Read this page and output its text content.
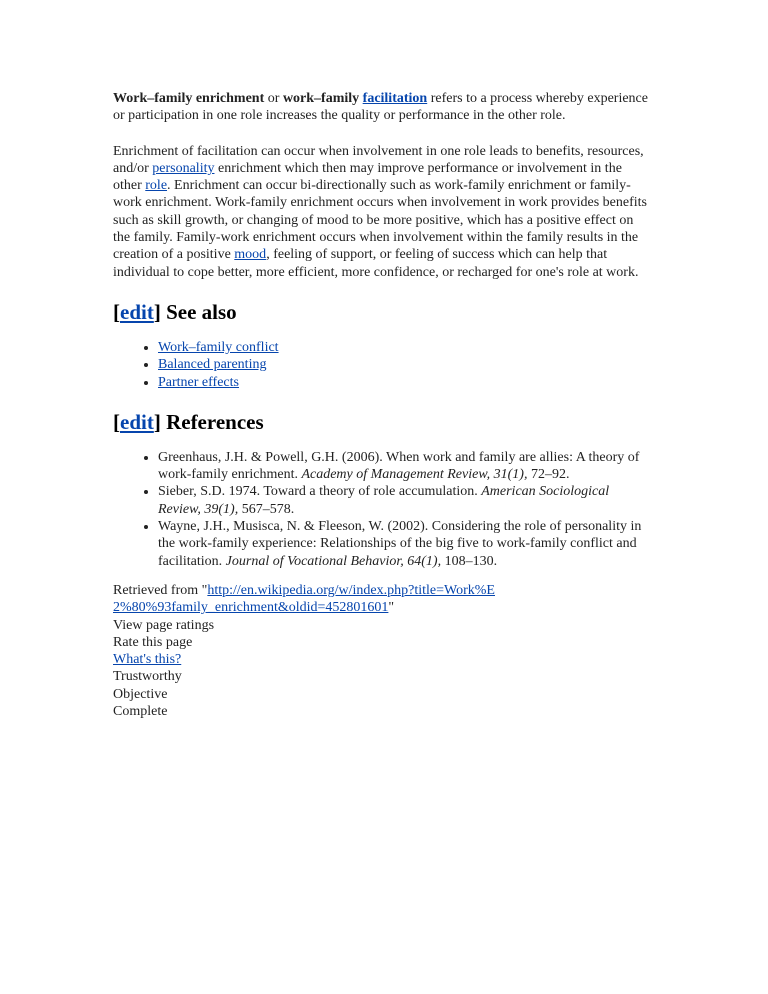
Work–family enrichment or work–family facilitation refers to a process whereby experience or participation in one role increases the quality or performance in the other role.

Enrichment of facilitation can occur when involvement in one role leads to benefits, resources, and/or personality enrichment which then may improve performance or involvement in the other role. Enrichment can occur bi-directionally such as work-family enrichment or family-work enrichment. Work-family enrichment occurs when involvement in work provides benefits such as skill growth, or changing of mood to be more positive, which has a positive effect on the family. Family-work enrichment occurs when involvement within the family results in the creation of a positive mood, feeling of support, or feeling of success which can help that individual to cope better, more efficient, more confidence, or recharged for one's role at work.

[edit] See also
• Work–family conflict
• Balanced parenting
• Partner effects
[edit] References
• Greenhaus, J.H. & Powell, G.H. (2006). When work and family are allies: A theory of work-family enrichment. Academy of Management Review, 31(1), 72–92.
• Sieber, S.D. 1974. Toward a theory of role accumulation. American Sociological Review, 39(1), 567–578.
• Wayne, J.H., Musisca, N. & Fleeson, W. (2002). Considering the role of personality in the work-family experience: Relationships of the big five to work-family conflict and facilitation. Journal of Vocational Behavior, 64(1), 108–130.
Retrieved from "http://en.wikipedia.org/w/index.php?title=Work%E2%80%93family_enrichment&oldid=452801601"
View page ratings
Rate this page
What's this?
Trustworthy
Objective
Complete
